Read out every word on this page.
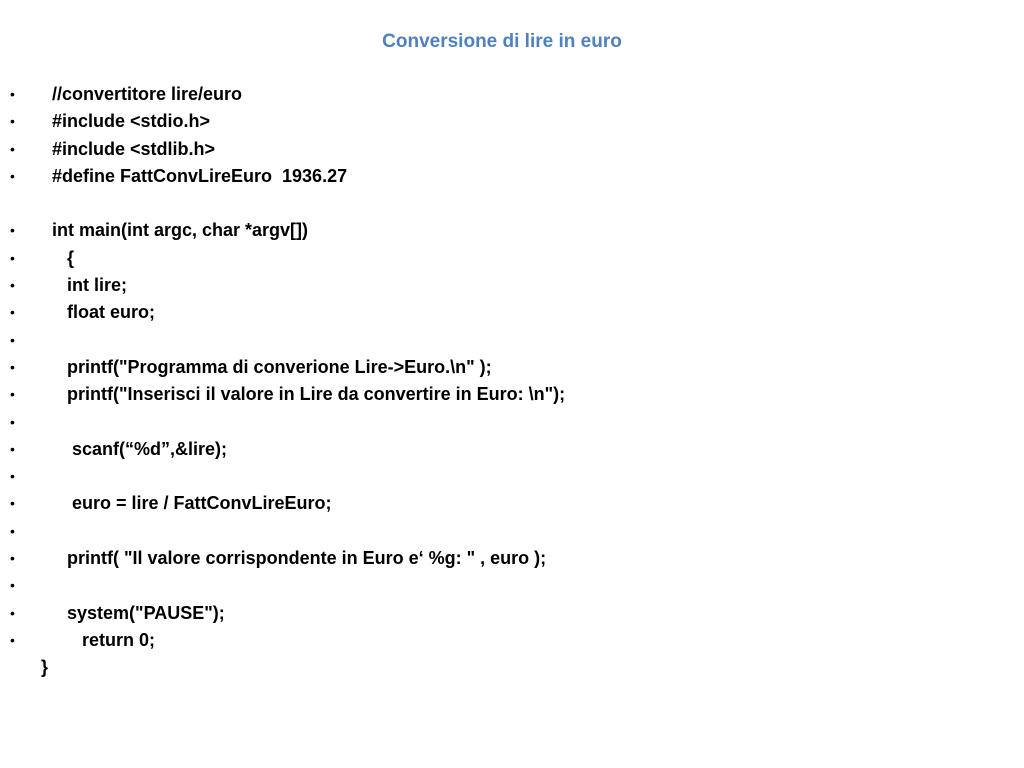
Conversione di lire in euro
• //convertitore lire/euro
• #include <stdio.h>
• #include <stdlib.h>
• #define FattConvLireEuro  1936.27
• int main(int argc, char *argv[])
• {
• int lire;
• float euro;
•
• printf("Programma di converione Lire->Euro.\n" );
• printf("Inserisci il valore in Lire da convertire in Euro: \n");
•
• scanf(“%d”,&lire);
•
• euro = lire / FattConvLireEuro;
•
• printf( "Il valore corrispondente in Euro e‘ %g: " , euro );
•
• system("PAUSE");
• return 0;
}
